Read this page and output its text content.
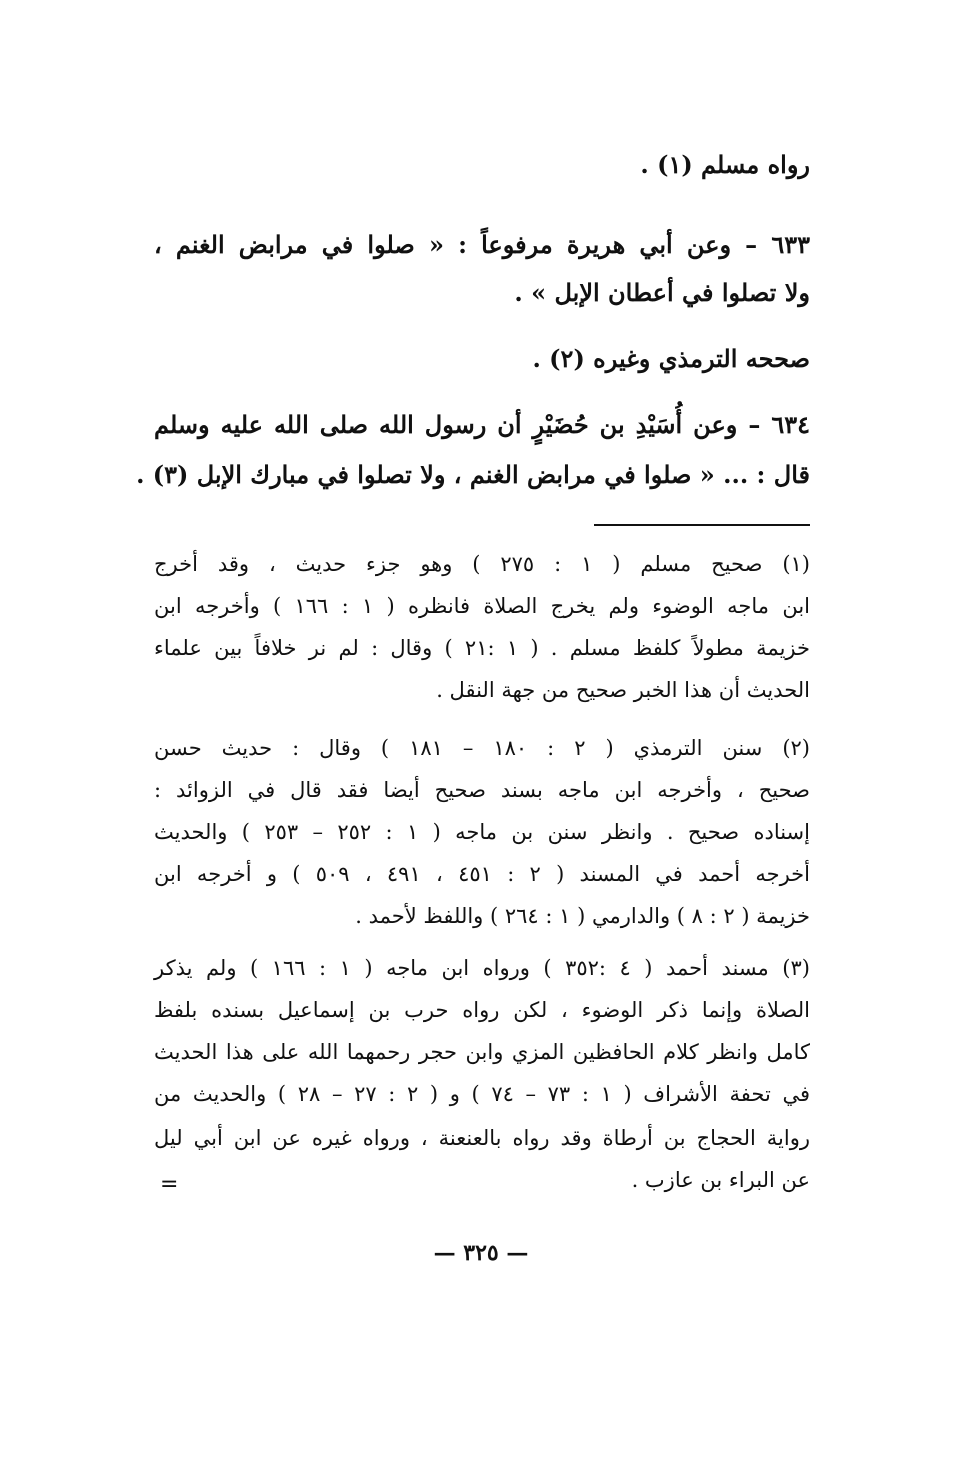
رواه مسلم (١) .
٦٣٣ – وعن أبي هريرة مرفوعاً : « صلوا في مرابض الغنم ،
ولا تصلوا في أعطان الإبل » .
صححه الترمذي وغيره (٢) .
٦٣٤ – وعن أُسَيْدِ بن حُضَيْرٍ أن رسول الله صلى الله عليه وسلم
قال : ... « صلوا في مرابض الغنم ، ولا تصلوا في مبارك الإبل (٣) .
(١) صحيح مسلم ( ١ : ٢٧٥ ) وهو جزء حديث ، وقد أخرج
ابن ماجه الوضوء ولم يخرج الصلاة فانظره ( ١ : ١٦٦ ) وأخرجه ابن
خزيمة مطولاً كلفظ مسلم . ( ١ :٢١ ) وقال : لم نر خلافاً بين علماء
الحديث أن هذا الخبر صحيح من جهة النقل .
(٢) سنن الترمذي ( ٢ : ١٨٠ – ١٨١ ) وقال : حديث حسن
صحيح ، وأخرجه ابن ماجه بسند صحيح أيضا فقد قال في الزوائد :
إسناده صحيح . وانظر سنن بن ماجه ( ١ : ٢٥٢ – ٢٥٣ ) والحديث
أخرجه أحمد في المسند ( ٢ : ٤٥١ ، ٤٩١ ، ٥٠٩ ) و أخرجه ابن
خزيمة ( ٢ : ٨ ) والدارمي ( ١ : ٢٦٤ ) واللفظ لأحمد .
(٣) مسند أحمد ( ٤ :٣٥٢ ) ورواه ابن ماجه ( ١ : ١٦٦ ) ولم يذكر
الصلاة وإنما ذكر الوضوء ، لكن رواه حرب بن إسماعيل بسنده بلفظ
كامل وانظر كلام الحافظين المزي وابن حجر رحمهما الله على هذا الحديث
في تحفة الأشراف ( ١ : ٧٣ – ٧٤ ) و ( ٢ : ٢٧ – ٢٨ ) والحديث من
رواية الحجاج بن أرطاة وقد رواه بالعنعنة ، ورواه غيره عن ابن أبي ليل
عن البراء بن عازب .
=
— ٣٢٥ —
